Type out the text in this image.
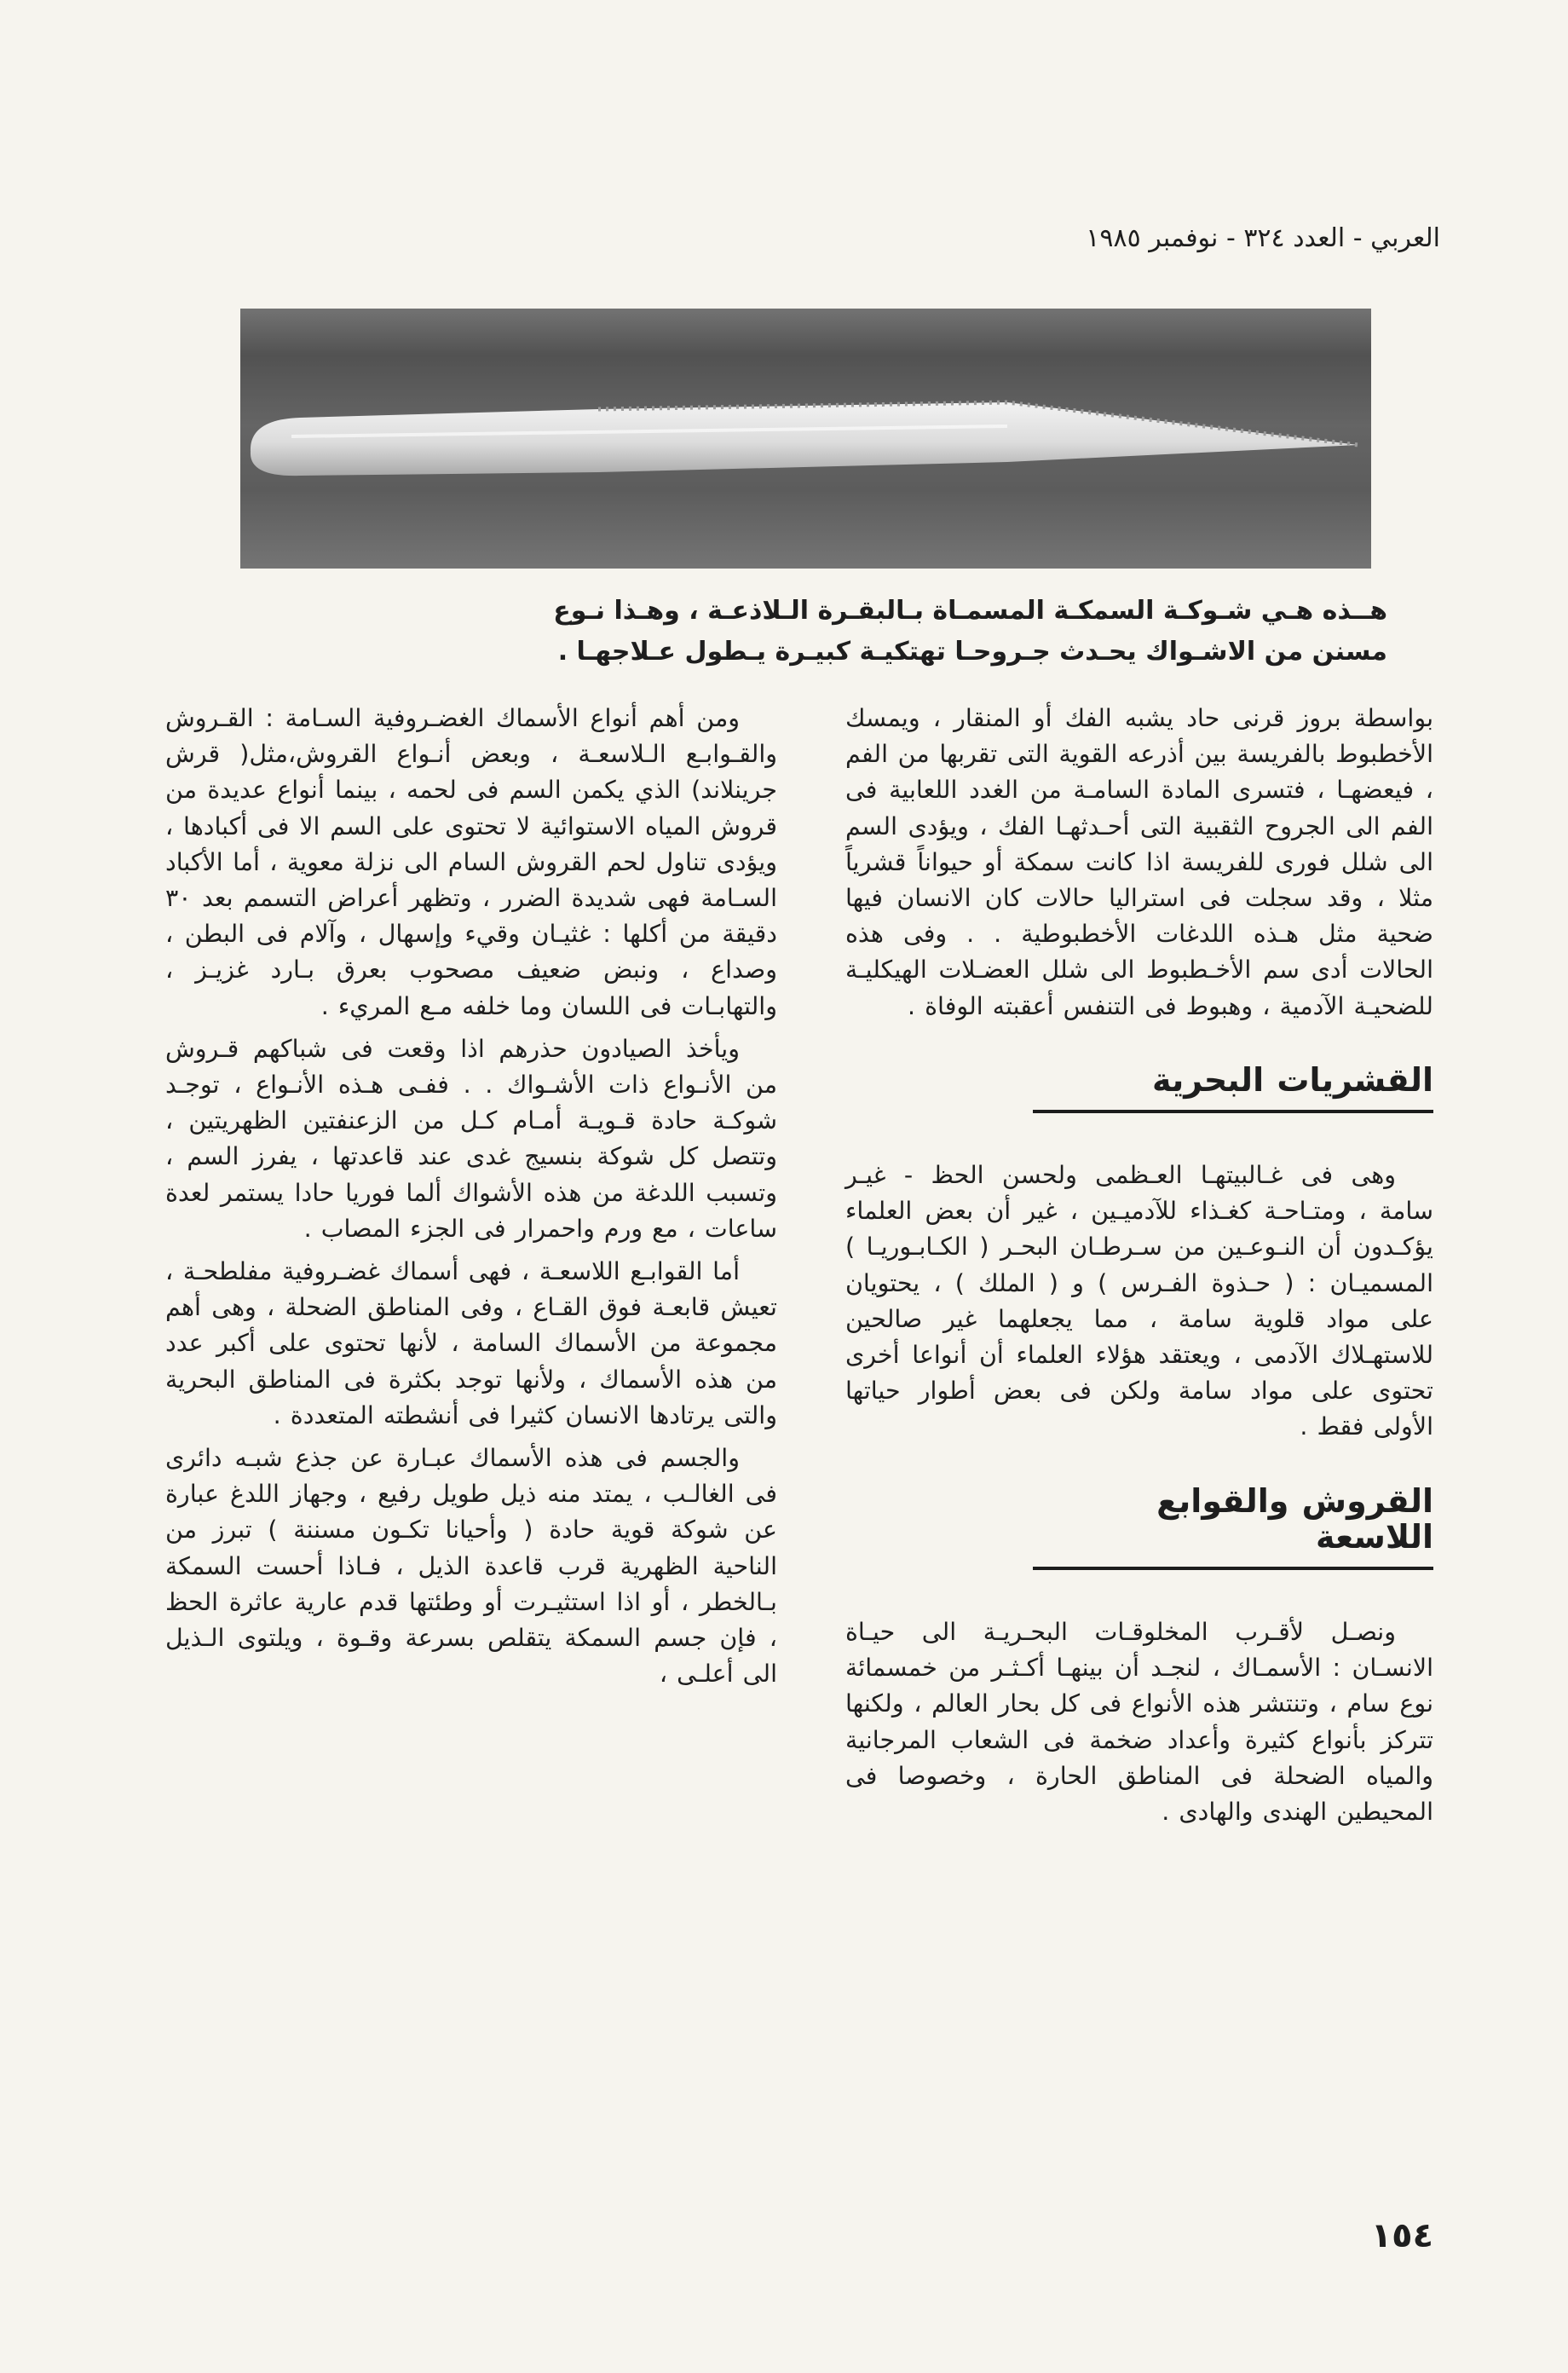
العربي - العدد ٣٢٤ - نوفمبر ١٩٨٥

هــذه هـي شـوكـة السمكـة المسمـاة بـالبقـرة الـلاذعـة ، وهـذا نـوع

مسنن من الاشـواك يحـدث جـروحـا تهتكيـة كبيـرة يـطول عـلاجهـا .

بواسطة بروز قرنى حاد يشبه الفك أو المنقار ، ويمسك الأخطبوط بالفريسة بين أذرعه القوية التى تقربها من الفم ، فيعضهـا ، فتسرى المادة السامـة من الغدد اللعابية فى الفم الى الجروح الثقبية التى أحـدثهـا الفك ، ويؤدى السم الى شلل فورى للفريسة اذا كانت سمكة أو حيواناً قشرياً مثلا ، وقد سجلت فى استراليا حالات كان الانسان فيها ضحية مثل هـذه اللدغات الأخطبوطية . . وفى هذه الحالات أدى سم الأخـطبوط الى شلل العضـلات الهيكليـة للضحيـة الآدمية ، وهبوط فى التنفس أعقبته الوفاة .

القشريات البحرية

وهى فى غـالبيتهـا العـظمى ولحسن الحظ - غيـر سامة ، ومتـاحـة كغـذاء للآدميـين ، غير أن بعض العلماء يؤكـدون أن النـوعـين من سـرطـان البحـر ( الكـابـوريـا ) المسميـان : ( حـذوة الفـرس ) و ( الملك ) ، يحتويان على مواد قلوية سامة ، مما يجعلهما غير صالحين للاستهـلاك الآدمى ، ويعتقد هؤلاء العلماء أن أنواعا أخرى تحتوى على مواد سامة ولكن فى بعض أطوار حياتها الأولى فقط .

القروش والقوابع اللاسعة

ونصـل لأقـرب المخلوقـات البحـريـة الى حيـاة الانسـان : الأسمـاك ، لنجـد أن بينهـا أكـثـر من خمسمائة نوع سام ، وتنتشر هذه الأنواع فى كل بحار العالم ، ولكنها تتركز بأنواع كثيرة وأعداد ضخمة فى الشعاب المرجانية والمياه الضحلة فى المناطق الحارة ، وخصوصا فى المحيطين الهندى والهادى .

ومن أهم أنواع الأسماك الغضـروفية السـامة : القـروش والقـوابـع الـلاسعـة ، وبعض أنـواع القروش،مثل( قرش جرينلاند) الذي يكمن السم فى لحمه ، بينما أنواع عديدة من قروش المياه الاستوائية لا تحتوى على السم الا فى أكبادها ، ويؤدى تناول لحم القروش السام الى نزلة معوية ، أما الأكباد السـامة فهى شديدة الضرر ، وتظهر أعراض التسمم بعد ٣٠ دقيقة من أكلها : غثيـان وقيء وإسهال ، وآلام فى البطن ، وصداع ، ونبض ضعيف مصحوب بعرق بـارد غزيـز ، والتهابـات فى اللسان وما خلفه مـع المريء .

ويأخذ الصيادون حذرهم اذا وقعت فى شباكهم قـروش من الأنـواع ذات الأشـواك . . ففـى هـذه الأنـواع ، توجـد شوكـة حادة قـويـة أمـام كـل من الزعنفتين الظهريتين ، وتتصل كل شوكة بنسيج غدى عند قاعدتها ، يفرز السم ، وتسبب اللدغة من هذه الأشواك ألما فوريا حادا يستمر لعدة ساعات ، مع ورم واحمرار فى الجزء المصاب .

أما القوابـع اللاسعـة ، فهى أسماك غضـروفية مفلطحـة ، تعيش قابعـة فوق القـاع ، وفى المناطق الضحلة ، وهى أهم مجموعة من الأسماك السامة ، لأنها تحتوى على أكبر عدد من هذه الأسماك ، ولأنها توجد بكثرة فى المناطق البحرية والتى يرتادها الانسان كثيرا فى أنشطته المتعددة .

والجسم فى هذه الأسماك عبـارة عن جذع شبـه دائرى فى الغالـب ، يمتد منه ذيل طويل رفيع ، وجهاز اللدغ عبارة عن شوكة قوية حادة ( وأحيانا تكـون مسننة ) تبرز من الناحية الظهرية قرب قاعدة الذيل ، فـاذا أحست السمكة بـالخطر ، أو اذا استثيـرت أو وطئتها قدم عارية عاثرة الحظ ، فإن جسم السمكة يتقلص بسرعة وقـوة ، ويلتوى الـذيل الى أعلـى ،

١٥٤
